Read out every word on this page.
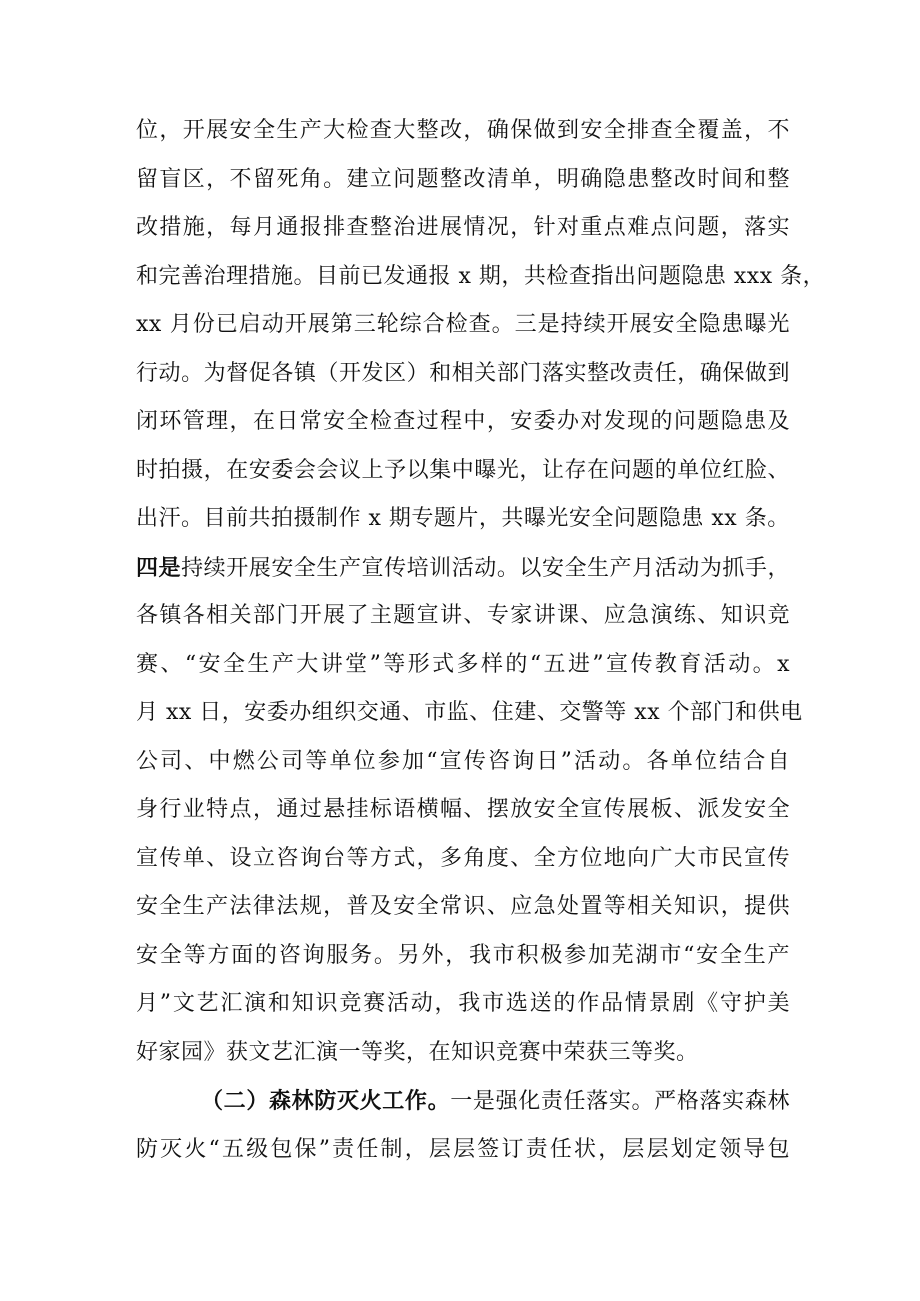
位，开展安全生产大检查大整改，确保做到安全排查全覆盖，不
留盲区，不留死角。建立问题整改清单，明确隐患整改时间和整
改措施，每月通报排查整治进展情况，针对重点难点问题，落实
和完善治理措施。目前已发通报 x 期，共检查指出问题隐患 xxx 条，
xx 月份已启动开展第三轮综合检查。三是持续开展安全隐患曝光
行动。为督促各镇（开发区）和相关部门落实整改责任，确保做到
闭环管理，在日常安全检查过程中，安委办对发现的问题隐患及
时拍摄，在安委会会议上予以集中曝光，让存在问题的单位红脸、
出汗。目前共拍摄制作 x 期专题片，共曝光安全问题隐患 xx 条。
四是持续开展安全生产宣传培训活动。以安全生产月活动为抓手，
各镇各相关部门开展了主题宣讲、专家讲课、应急演练、知识竞
赛、“安全生产大讲堂”等形式多样的“五进”宣传教育活动。x
月 xx 日，安委办组织交通、市监、住建、交警等 xx 个部门和供电
公司、中燃公司等单位参加“宣传咨询日”活动。各单位结合自
身行业特点，通过悬挂标语横幅、摆放安全宣传展板、派发安全
宣传单、设立咨询台等方式，多角度、全方位地向广大市民宣传
安全生产法律法规，普及安全常识、应急处置等相关知识，提供
安全等方面的咨询服务。另外，我市积极参加芜湖市“安全生产
月”文艺汇演和知识竞赛活动，我市选送的作品情景剧《守护美
好家园》获文艺汇演一等奖，在知识竞赛中荣获三等奖。
（二）森林防灭火工作。一是强化责任落实。严格落实森林
防灭火“五级包保”责任制，层层签订责任状，层层划定领导包
